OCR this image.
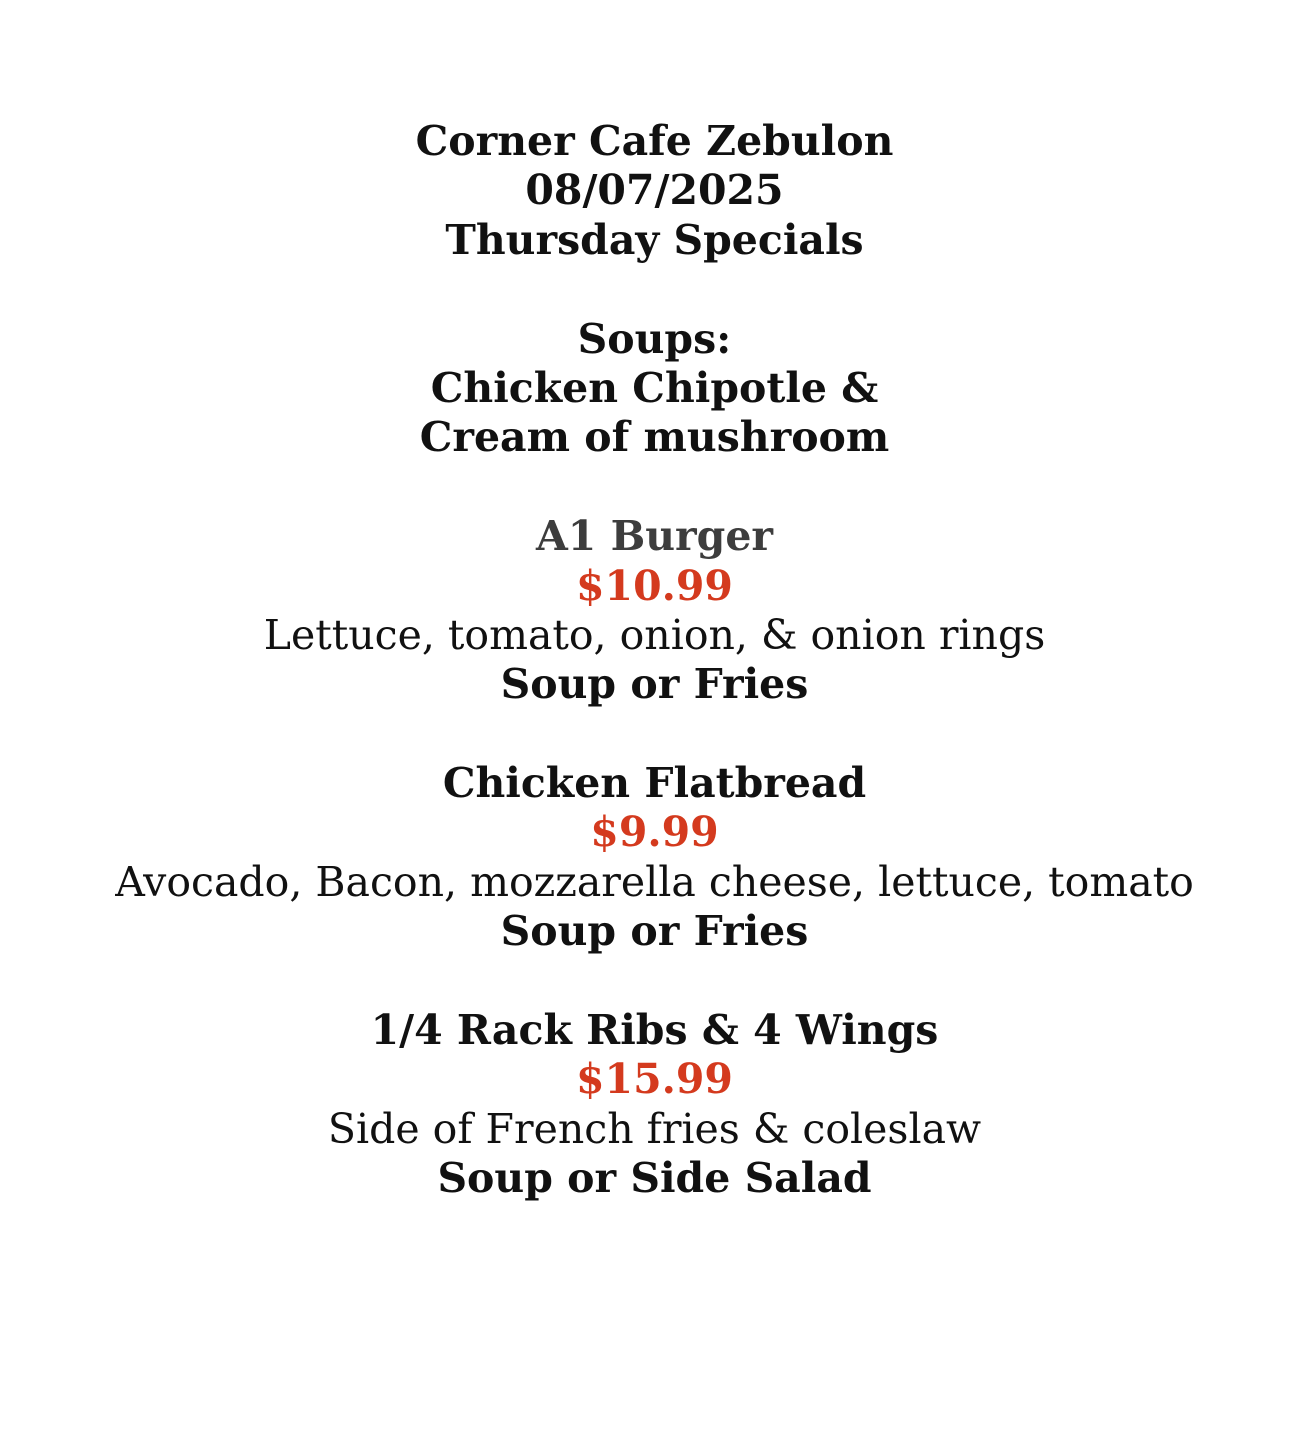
Corner Cafe Zebulon
08/07/2025
Thursday Specials
Soups:
Chicken Chipotle &
Cream of mushroom
A1 Burger
$10.99
Lettuce, tomato, onion, & onion rings
Soup or Fries
Chicken Flatbread
$9.99
Avocado, Bacon, mozzarella cheese, lettuce, tomato
Soup or Fries
1/4 Rack Ribs & 4 Wings
$15.99
Side of French fries & coleslaw
Soup or Side Salad
